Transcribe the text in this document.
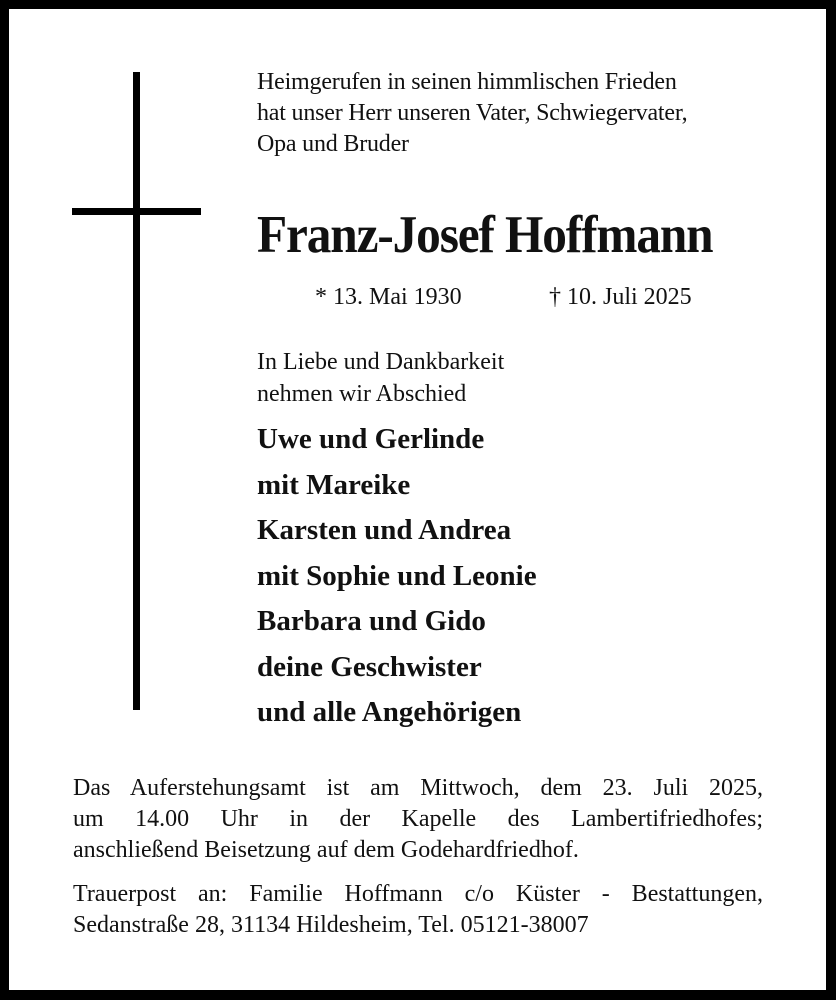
Heimgerufen in seinen himmlischen Frieden
hat unser Herr unseren Vater, Schwiegervater,
Opa und Bruder
Franz-Josef Hoffmann
* 13. Mai 1930	† 10. Juli 2025
In Liebe und Dankbarkeit
nehmen wir Abschied
Uwe und Gerlinde
mit Mareike
Karsten und Andrea
mit Sophie und Leonie
Barbara und Gido
deine Geschwister
und alle Angehörigen
Das Auferstehungsamt ist am Mittwoch, dem 23. Juli 2025,
um 14.00 Uhr in der Kapelle des Lambertifriedhofes;
anschließend Beisetzung auf dem Godehardfriedhof.
Trauerpost an: Familie Hoffmann c/o Küster - Bestattungen,
Sedanstraße 28, 31134 Hildesheim, Tel. 05121-38007
